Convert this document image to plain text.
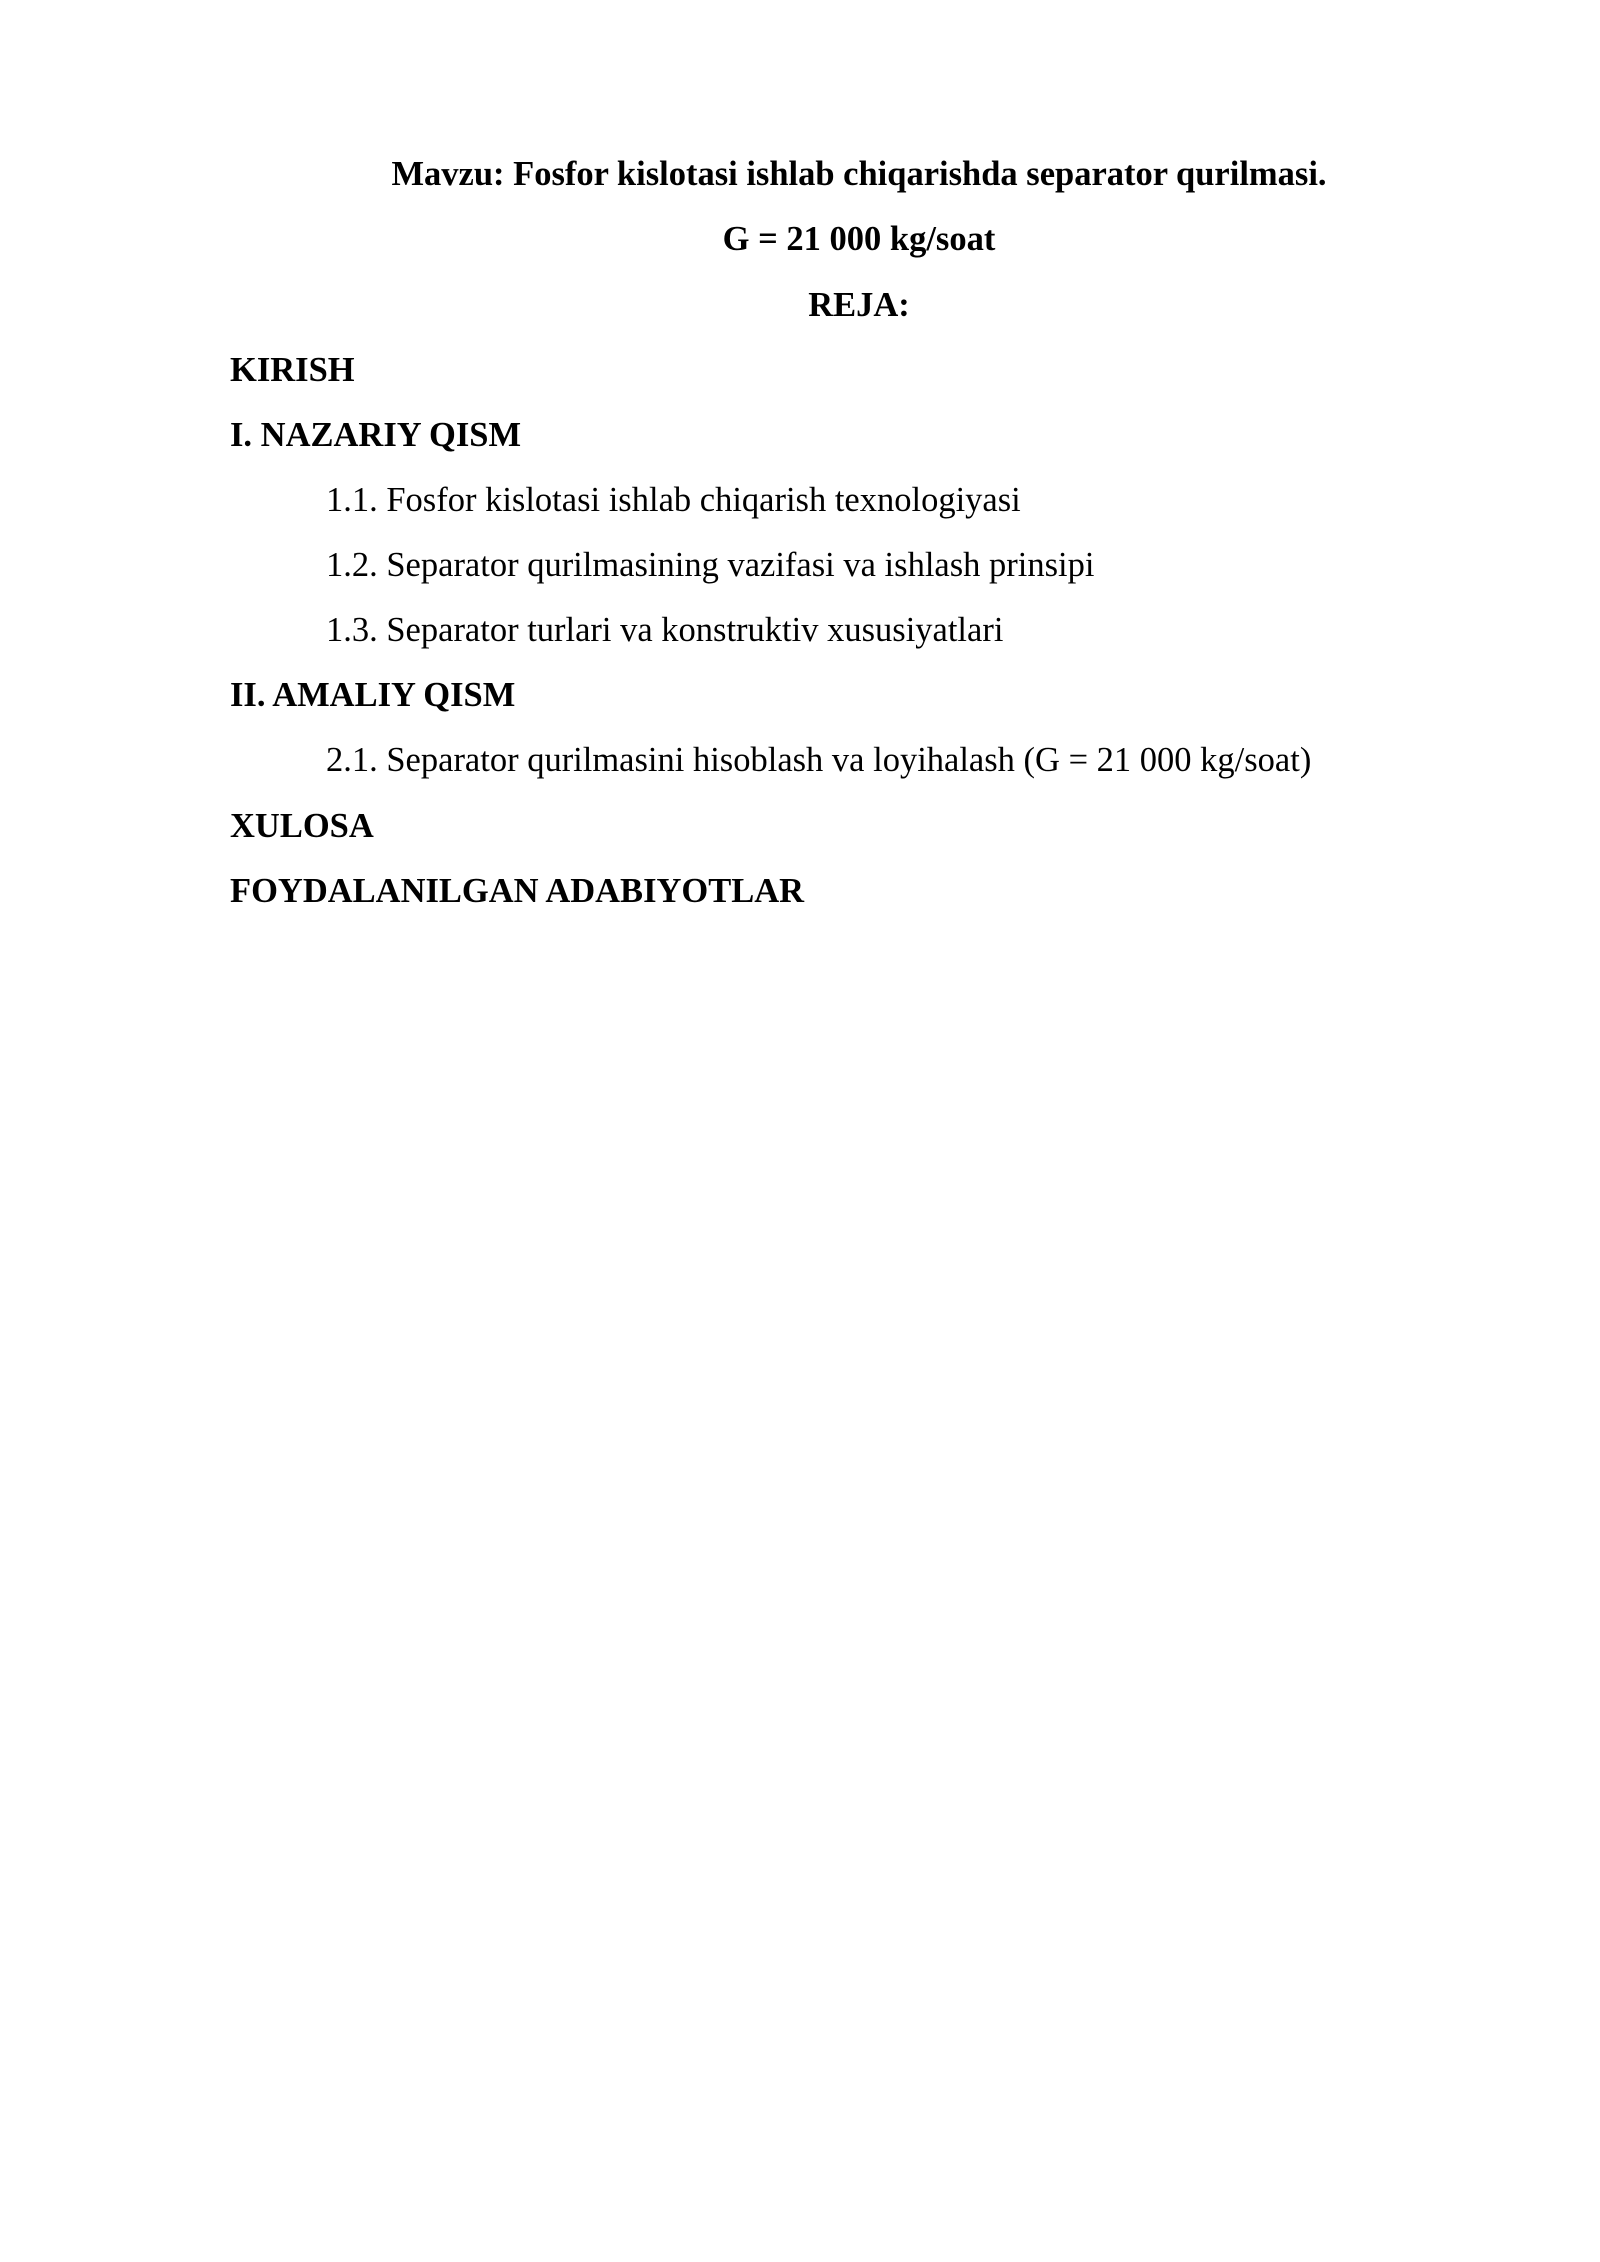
Mavzu: Fosfor kislotasi ishlab chiqarishda separator qurilmasi.
G = 21 000 kg/soat
REJA:
KIRISH
I. NAZARIY QISM
1.1. Fosfor kislotasi ishlab chiqarish texnologiyasi
1.2. Separator qurilmasining vazifasi va ishlash prinsipi
1.3. Separator turlari va konstruktiv xususiyatlari
II. AMALIY QISM
2.1. Separator qurilmasini hisoblash va loyihalash (G = 21 000 kg/soat)
XULOSA
FOYDALANILGAN ADABIYOTLAR
